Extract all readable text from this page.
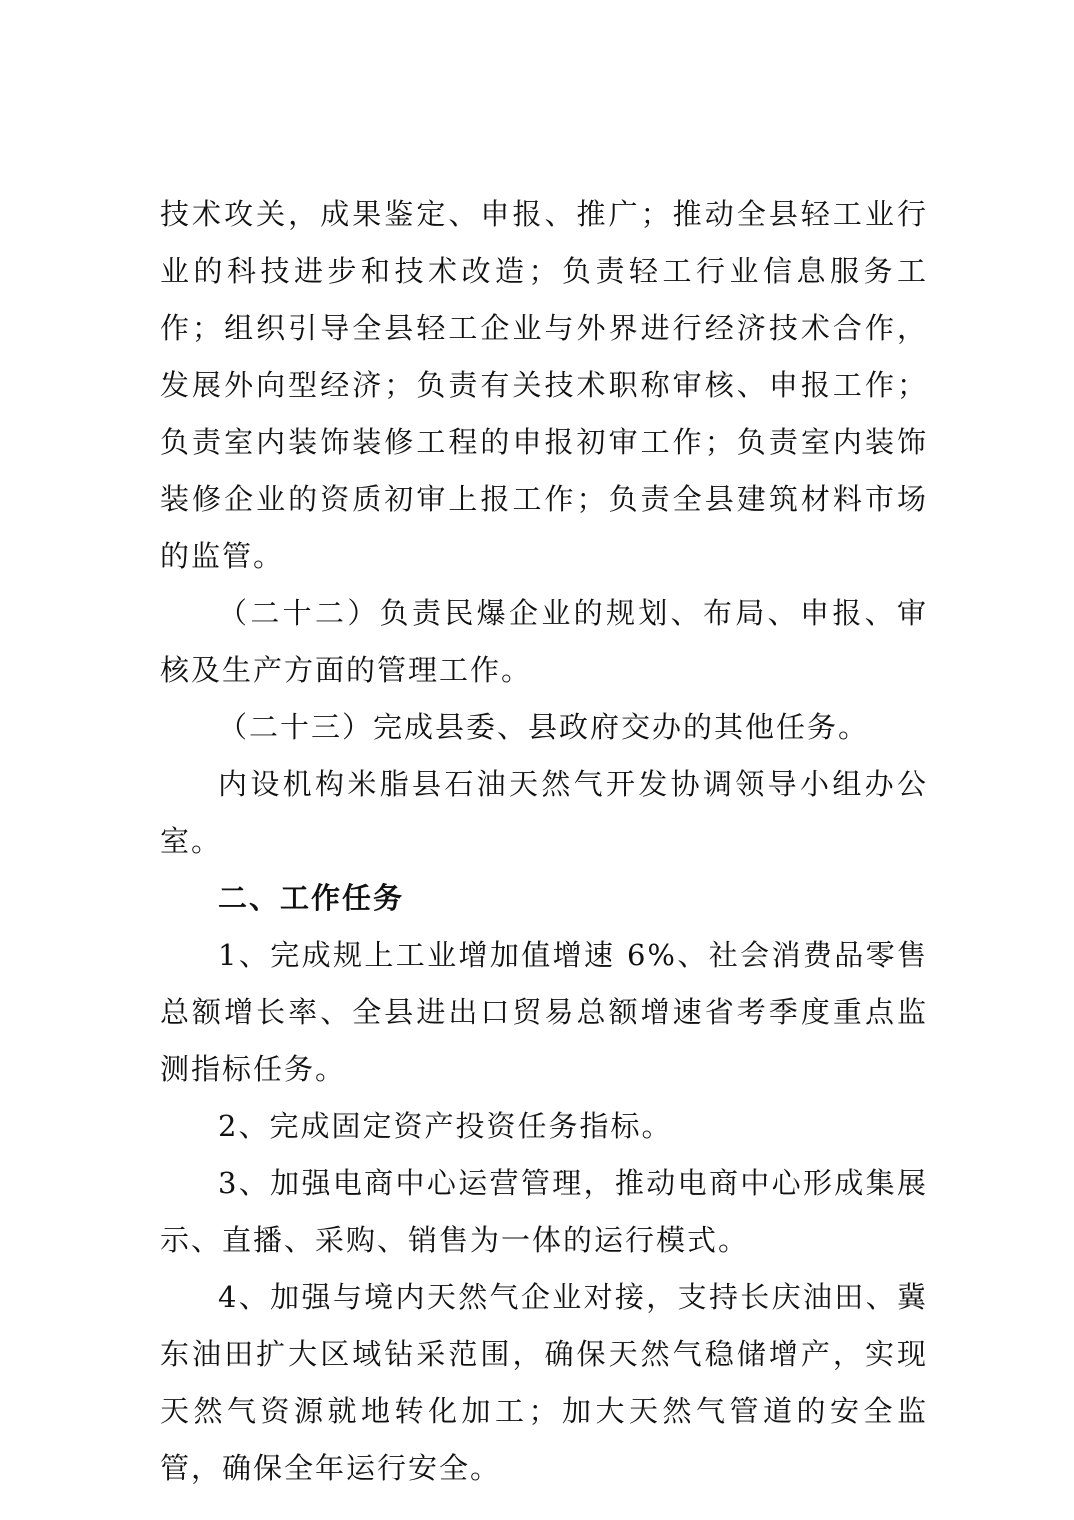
技术攻关，成果鉴定、申报、推广；推动全县轻工业行业的科技进步和技术改造；负责轻工行业信息服务工作；组织引导全县轻工企业与外界进行经济技术合作，发展外向型经济；负责有关技术职称审核、申报工作；负责室内装饰装修工程的申报初审工作；负责室内装饰装修企业的资质初审上报工作；负责全县建筑材料市场的监管。

（二十二）负责民爆企业的规划、布局、申报、审核及生产方面的管理工作。

（二十三）完成县委、县政府交办的其他任务。

内设机构米脂县石油天然气开发协调领导小组办公室。

二、工作任务

1、完成规上工业增加值增速 6%、社会消费品零售总额增长率、全县进出口贸易总额增速省考季度重点监测指标任务。

2、完成固定资产投资任务指标。

3、加强电商中心运营管理，推动电商中心形成集展示、直播、采购、销售为一体的运行模式。

4、加强与境内天然气企业对接，支持长庆油田、冀东油田扩大区域钻采范围，确保天然气稳储增产，实现天然气资源就地转化加工；加大天然气管道的安全监管，确保全年运行安全。
